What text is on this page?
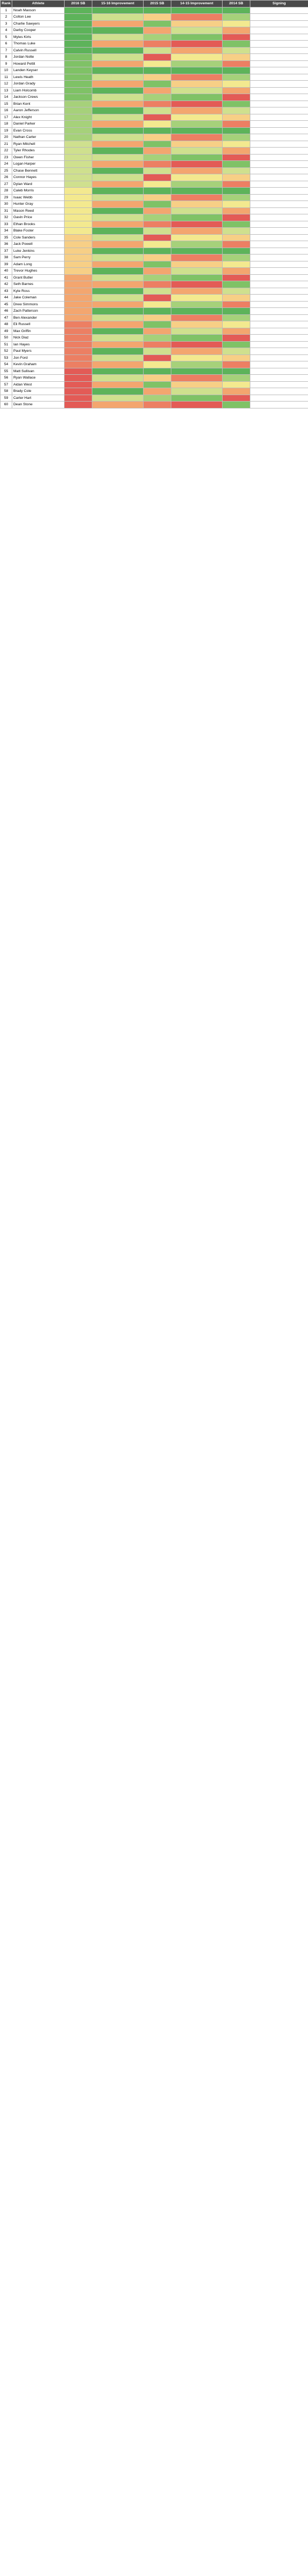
Rank	Athlete	2016 SB	15-16 Improvement	2015 SB	14-15 Improvement	2014 SB	Signing
1	Noah Maxson						
2	Colton Lee						
3	Charlie Sawyers						
4	Darby Cooper						
5	Myles Kirts						
6	Thomas Luke						
7	Calvin Russell						
8	Jordan Nolte						
9	Howard Pettit						
10	Landen Keyser						
11	Lewis Heath						
12	Jordan Grady						
13	Liam Holcomb						
14	Jackson Crews						
15	Brian Kent						
16	Aaron Jefferson						
17	Alex Knight						
18	Daniel Parker						
19	Evan Cross						
20	Nathan Carter						
21	Ryan Mitchell						
22	Tyler Rhodes						
23	Owen Fisher						
24	Logan Harper						
25	Chase Bennett						
26	Connor Hayes						
27	Dylan Ward						
28	Caleb Morris						
29	Isaac Webb						
30	Hunter Gray						
31	Mason Reed						
32	Gavin Price						
33	Ethan Brooks						
34	Blake Foster						
35	Cole Sanders						
36	Jack Powell						
37	Luke Jenkins						
38	Sam Perry						
39	Adam Long						
40	Trevor Hughes						
41	Grant Butler						
42	Seth Barnes						
43	Kyle Ross						
44	Jake Coleman						
45	Drew Simmons						
46	Zach Patterson						
47	Ben Alexander						
48	Eli Russell						
49	Max Griffin						
50	Nick Diaz						
51	Ian Hayes						
52	Paul Myers						
53	Jon Ford						
54	Kevin Graham						
55	Matt Sullivan						
56	Ryan Wallace						
57	Aidan West						
58	Brady Cole						
59	Carter Hart						
60	Dean Stone						
